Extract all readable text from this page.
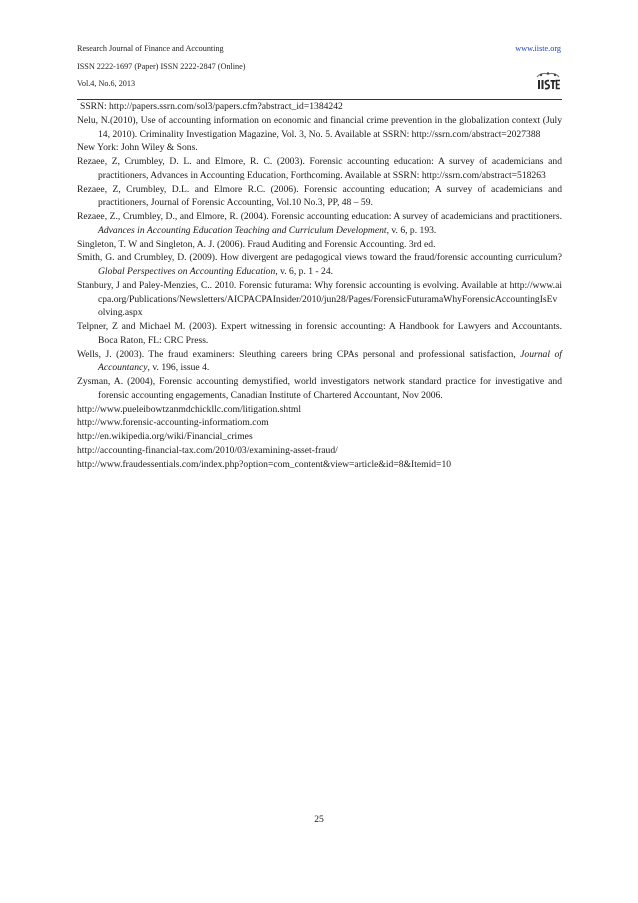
Research Journal of Finance and Accounting
ISSN 2222-1697 (Paper) ISSN 2222-2847 (Online)
Vol.4, No.6, 2013
www.iiste.org
SSRN: http://papers.ssrn.com/sol3/papers.cfm?abstract_id=1384242
Nelu, N.(2010), Use of accounting information on economic and financial crime prevention in the globalization context (July 14, 2010). Criminality Investigation Magazine, Vol. 3, No. 5. Available at SSRN: http://ssrn.com/abstract=2027388
New York: John Wiley & Sons.
Rezaee, Z, Crumbley, D. L. and Elmore, R. C. (2003). Forensic accounting education: A survey of academicians and practitioners, Advances in Accounting Education, Forthcoming. Available at SSRN: http://ssrn.com/abstract=518263
Rezaee, Z, Crumbley, D.L. and Elmore R.C. (2006). Forensic accounting education; A survey of academicians and practitioners, Journal of Forensic Accounting, Vol.10 No.3, PP, 48 – 59.
Rezaee, Z., Crumbley, D., and Elmore, R. (2004). Forensic accounting education: A survey of academicians and practitioners. Advances in Accounting Education Teaching and Curriculum Development, v. 6, p. 193.
Singleton, T. W and Singleton, A. J. (2006). Fraud Auditing and Forensic Accounting. 3rd ed.
Smith, G. and Crumbley, D. (2009). How divergent are pedagogical views toward the fraud/forensic accounting curriculum? Global Perspectives on Accounting Education, v. 6, p. 1 - 24.
Stanbury, J and Paley-Menzies, C.. 2010. Forensic futurama: Why forensic accounting is evolving. Available at http://www.aicpa.org/Publications/Newsletters/AICPACPAInsider/2010/jun28/Pages/ForensicFuturamaWhyForensicAccountingIsEvolving.aspx
Telpner, Z and Michael M. (2003). Expert witnessing in forensic accounting: A Handbook for Lawyers and Accountants. Boca Raton, FL: CRC Press.
Wells, J. (2003). The fraud examiners: Sleuthing careers bring CPAs personal and professional satisfaction, Journal of Accountancy, v. 196, issue 4.
Zysman, A. (2004), Forensic accounting demystified, world investigators network standard practice for investigative and forensic accounting engagements, Canadian Institute of Chartered Accountant, Nov 2006.
http://www.pueleibowtzanmdchickllc.com/litigation.shtml
http://www.forensic-accounting-informatiom.com
http://en.wikipedia.org/wiki/Financial_crimes
http://accounting-financial-tax.com/2010/03/examining-asset-fraud/
http://www.fraudessentials.com/index.php?option=com_content&view=article&id=8&Itemid=10
25
